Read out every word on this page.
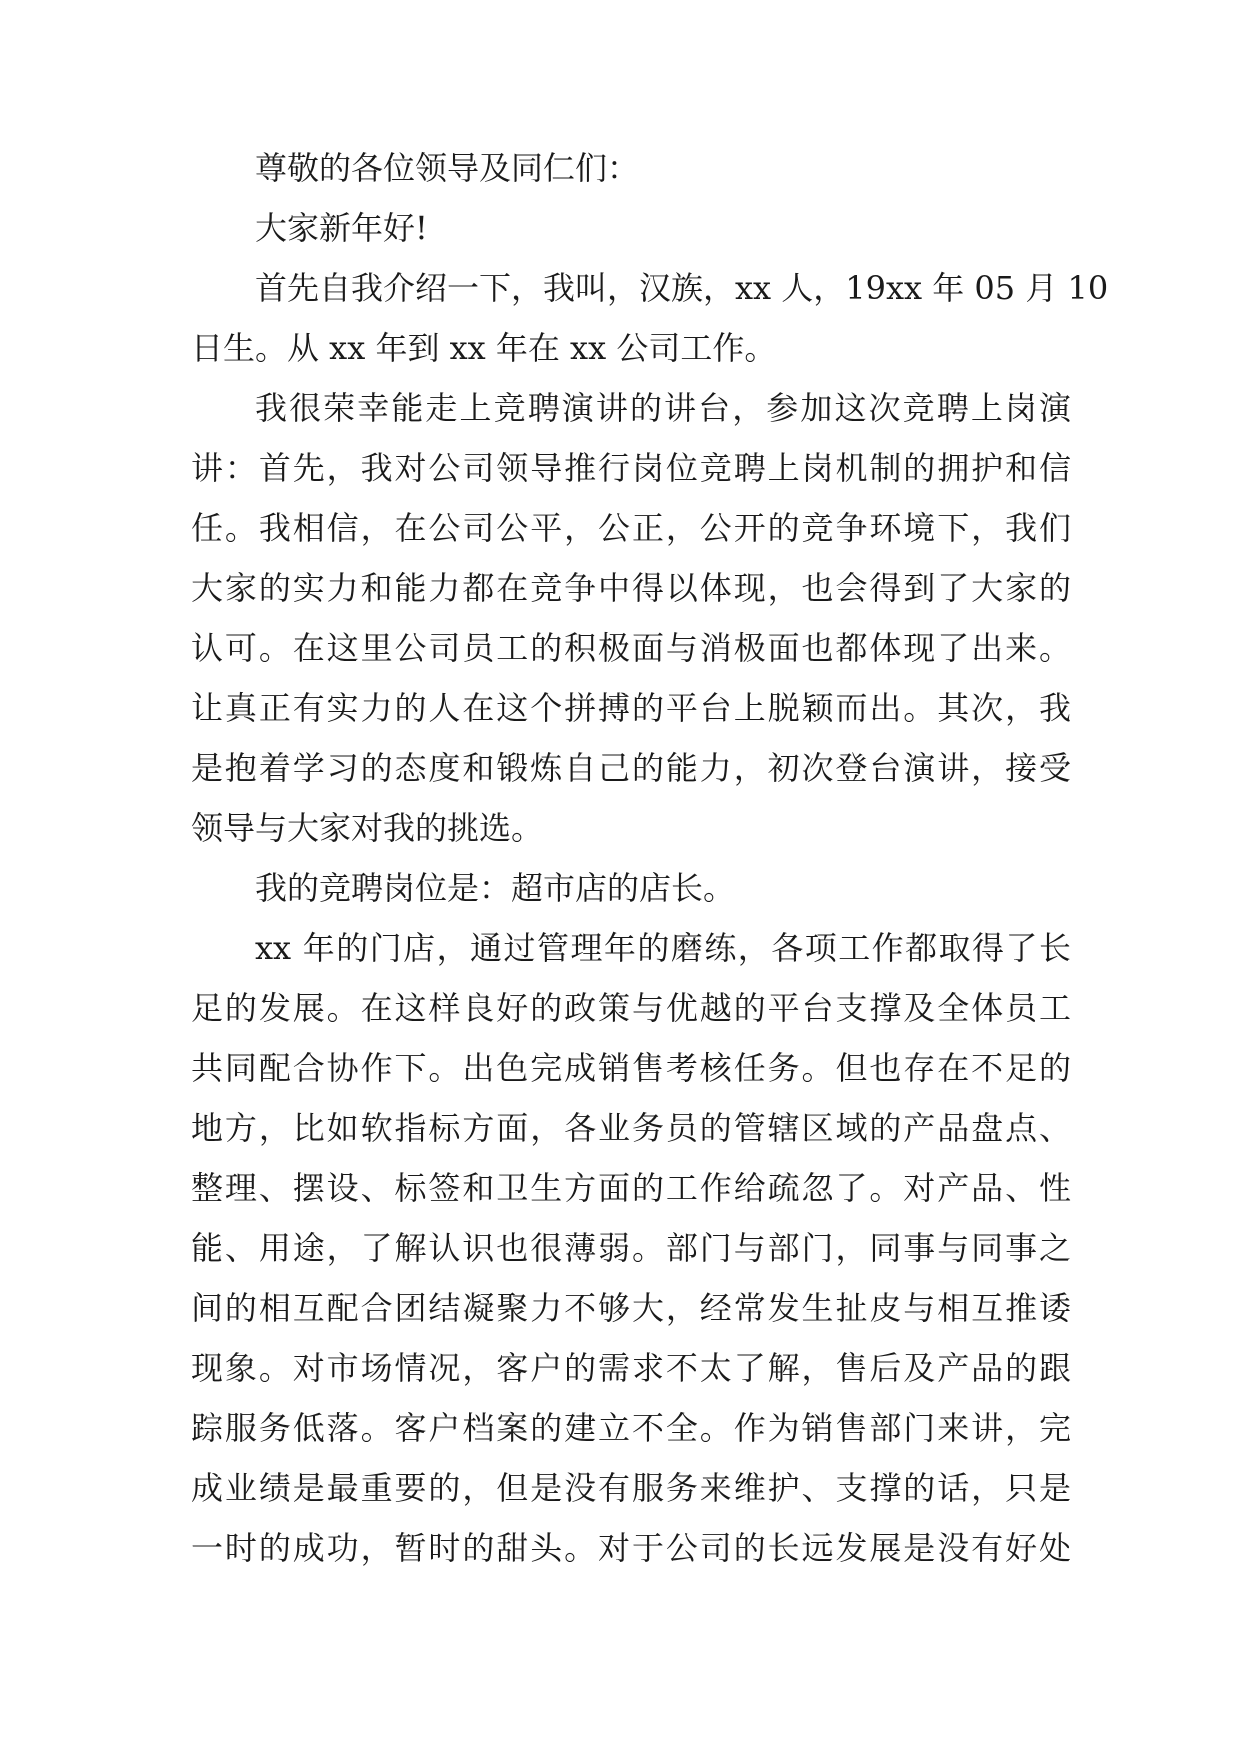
尊敬的各位领导及同仁们：
大家新年好!
首先自我介绍一下，我叫，汉族，xx 人，19xx 年 05 月 10
日生。从 xx 年到 xx 年在 xx 公司工作。
我很荣幸能走上竞聘演讲的讲台，参加这次竞聘上岗演
讲：首先，我对公司领导推行岗位竞聘上岗机制的拥护和信
任。我相信，在公司公平，公正，公开的竞争环境下，我们
大家的实力和能力都在竞争中得以体现，也会得到了大家的
认可。在这里公司员工的积极面与消极面也都体现了出来。
让真正有实力的人在这个拼搏的平台上脱颖而出。其次，我
是抱着学习的态度和锻炼自己的能力，初次登台演讲，接受
领导与大家对我的挑选。
我的竞聘岗位是：超市店的店长。
xx 年的门店，通过管理年的磨练，各项工作都取得了长
足的发展。在这样良好的政策与优越的平台支撑及全体员工
共同配合协作下。出色完成销售考核任务。但也存在不足的
地方，比如软指标方面，各业务员的管辖区域的产品盘点、
整理、摆设、标签和卫生方面的工作给疏忽了。对产品、性
能、用途，了解认识也很薄弱。部门与部门，同事与同事之
间的相互配合团结凝聚力不够大，经常发生扯皮与相互推诿
现象。对市场情况，客户的需求不太了解，售后及产品的跟
踪服务低落。客户档案的建立不全。作为销售部门来讲，完
成业绩是最重要的，但是没有服务来维护、支撑的话，只是
一时的成功，暂时的甜头。对于公司的长远发展是没有好处
